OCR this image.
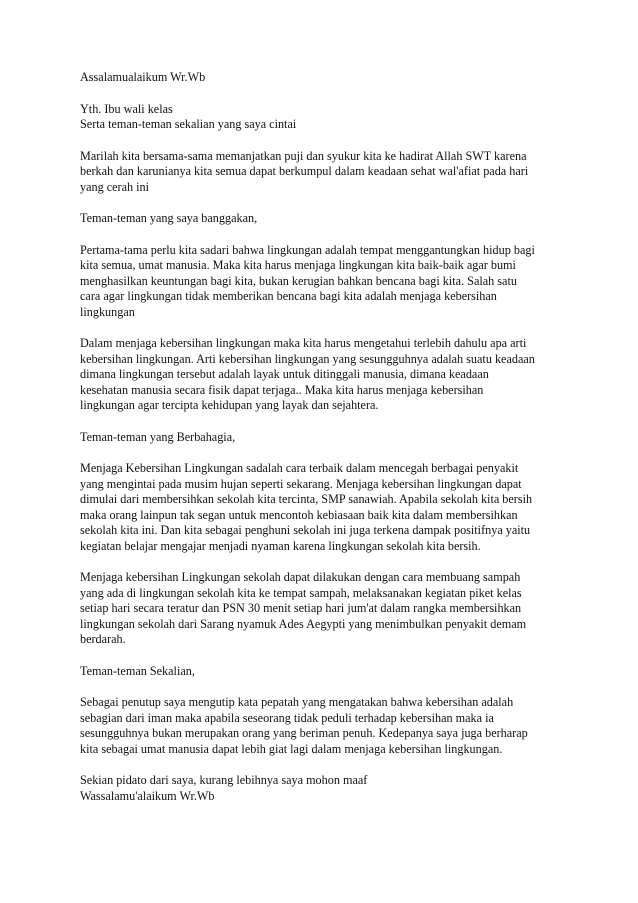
Assalamualaikum Wr.Wb

Yth. Ibu wali kelas
Serta teman-teman sekalian yang saya cintai

Marilah kita bersama-sama memanjatkan puji dan syukur kita ke hadirat Allah SWT karena
berkah dan karunianya kita semua dapat berkumpul dalam keadaan sehat wal'afiat pada hari
yang cerah ini

Teman-teman yang saya banggakan,

Pertama-tama perlu kita sadari bahwa lingkungan adalah tempat menggantungkan hidup bagi
kita semua, umat manusia. Maka kita harus menjaga lingkungan kita baik-baik agar bumi
menghasilkan keuntungan bagi kita, bukan kerugian bahkan bencana bagi kita. Salah satu
cara agar lingkungan tidak memberikan bencana bagi kita adalah menjaga kebersihan
lingkungan

Dalam menjaga kebersihan lingkungan maka kita harus mengetahui terlebih dahulu apa arti
kebersihan lingkungan. Arti kebersihan lingkungan yang sesungguhnya adalah suatu keadaan
dimana lingkungan tersebut adalah layak untuk ditinggali manusia, dimana keadaan
kesehatan manusia secara fisik dapat terjaga.. Maka kita harus menjaga kebersihan
lingkungan agar tercipta kehidupan yang layak dan sejahtera.

Teman-teman yang Berbahagia,

Menjaga Kebersihan Lingkungan sadalah cara terbaik dalam mencegah berbagai penyakit
yang mengintai pada musim hujan seperti sekarang. Menjaga kebersihan lingkungan dapat
dimulai dari membersihkan sekolah kita tercinta, SMP sanawiah. Apabila sekolah kita bersih
maka orang lainpun tak segan untuk mencontoh kebiasaan baik kita dalam membersihkan
sekolah kita ini. Dan kita sebagai penghuni sekolah ini juga terkena dampak positifnya yaitu
kegiatan belajar mengajar menjadi nyaman karena lingkungan sekolah kita bersih.

Menjaga kebersihan Lingkungan sekolah dapat dilakukan dengan cara membuang sampah
yang ada di lingkungan sekolah kita ke tempat sampah, melaksanakan kegiatan piket kelas
setiap hari secara teratur dan PSN 30 menit setiap hari jum'at dalam rangka membersihkan
lingkungan sekolah dari Sarang nyamuk Ades Aegypti yang menimbulkan penyakit demam
berdarah.

Teman-teman Sekalian,

Sebagai penutup saya mengutip kata pepatah yang mengatakan bahwa kebersihan adalah
sebagian dari iman maka apabila seseorang tidak peduli terhadap kebersihan maka ia
sesungguhnya bukan merupakan orang yang beriman penuh. Kedepanya saya juga berharap
kita sebagai umat manusia dapat lebih giat lagi dalam menjaga kebersihan lingkungan.

Sekian pidato dari saya, kurang lebihnya saya mohon maaf
Wassalamu'alaikum Wr.Wb
